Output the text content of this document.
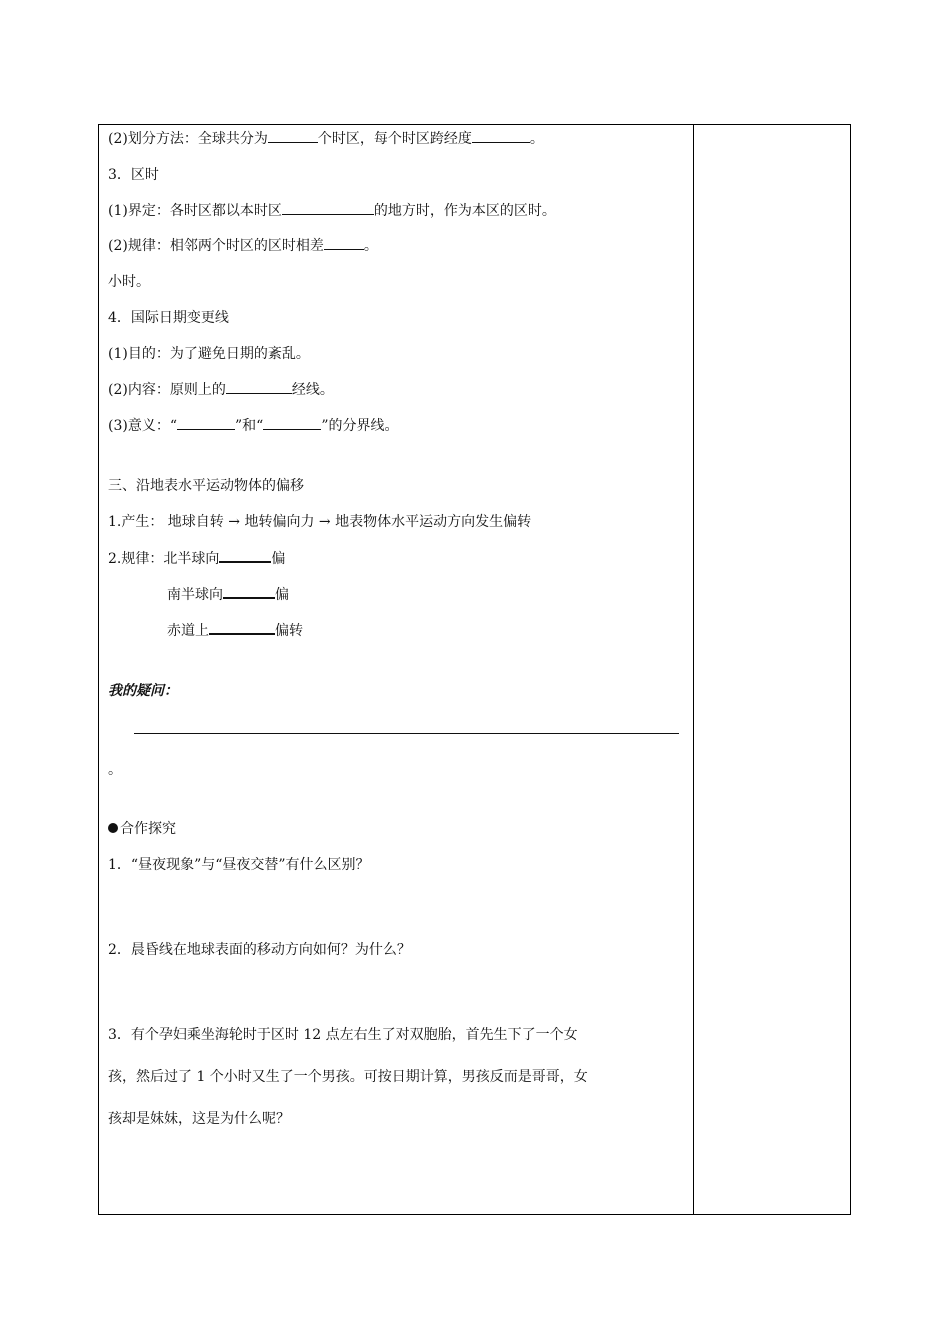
(2)划分方法：全球共分为	个时区，每个时区跨经度	。
3．区时
(1)界定：各时区都以本时区	的地方时，作为本区的区时。
(2)规律：相邻两个时区的区时相差	。
小时。
4．国际日期变更线
(1)目的：为了避免日期的紊乱。
(2)内容：原则上的	经线。
(3)意义：“	”和“	”的分界线。
三、沿地表水平运动物体的偏移
1.产生： 地球自转 → 地转偏向力 → 地表物体水平运动方向发生偏转
2.规律：北半球向	偏
南半球向	偏
赤道上	偏转
我的疑问：
。
合作探究
1．“昼夜现象”与“昼夜交替”有什么区别？
2．晨昏线在地球表面的移动方向如何？为什么？
3．有个孕妇乘坐海轮时于区时 12 点左右生了对双胞胎，首先生下了一个女
孩，然后过了 1 个小时又生了一个男孩。可按日期计算，男孩反而是哥哥，女
孩却是妹妹，这是为什么呢？
